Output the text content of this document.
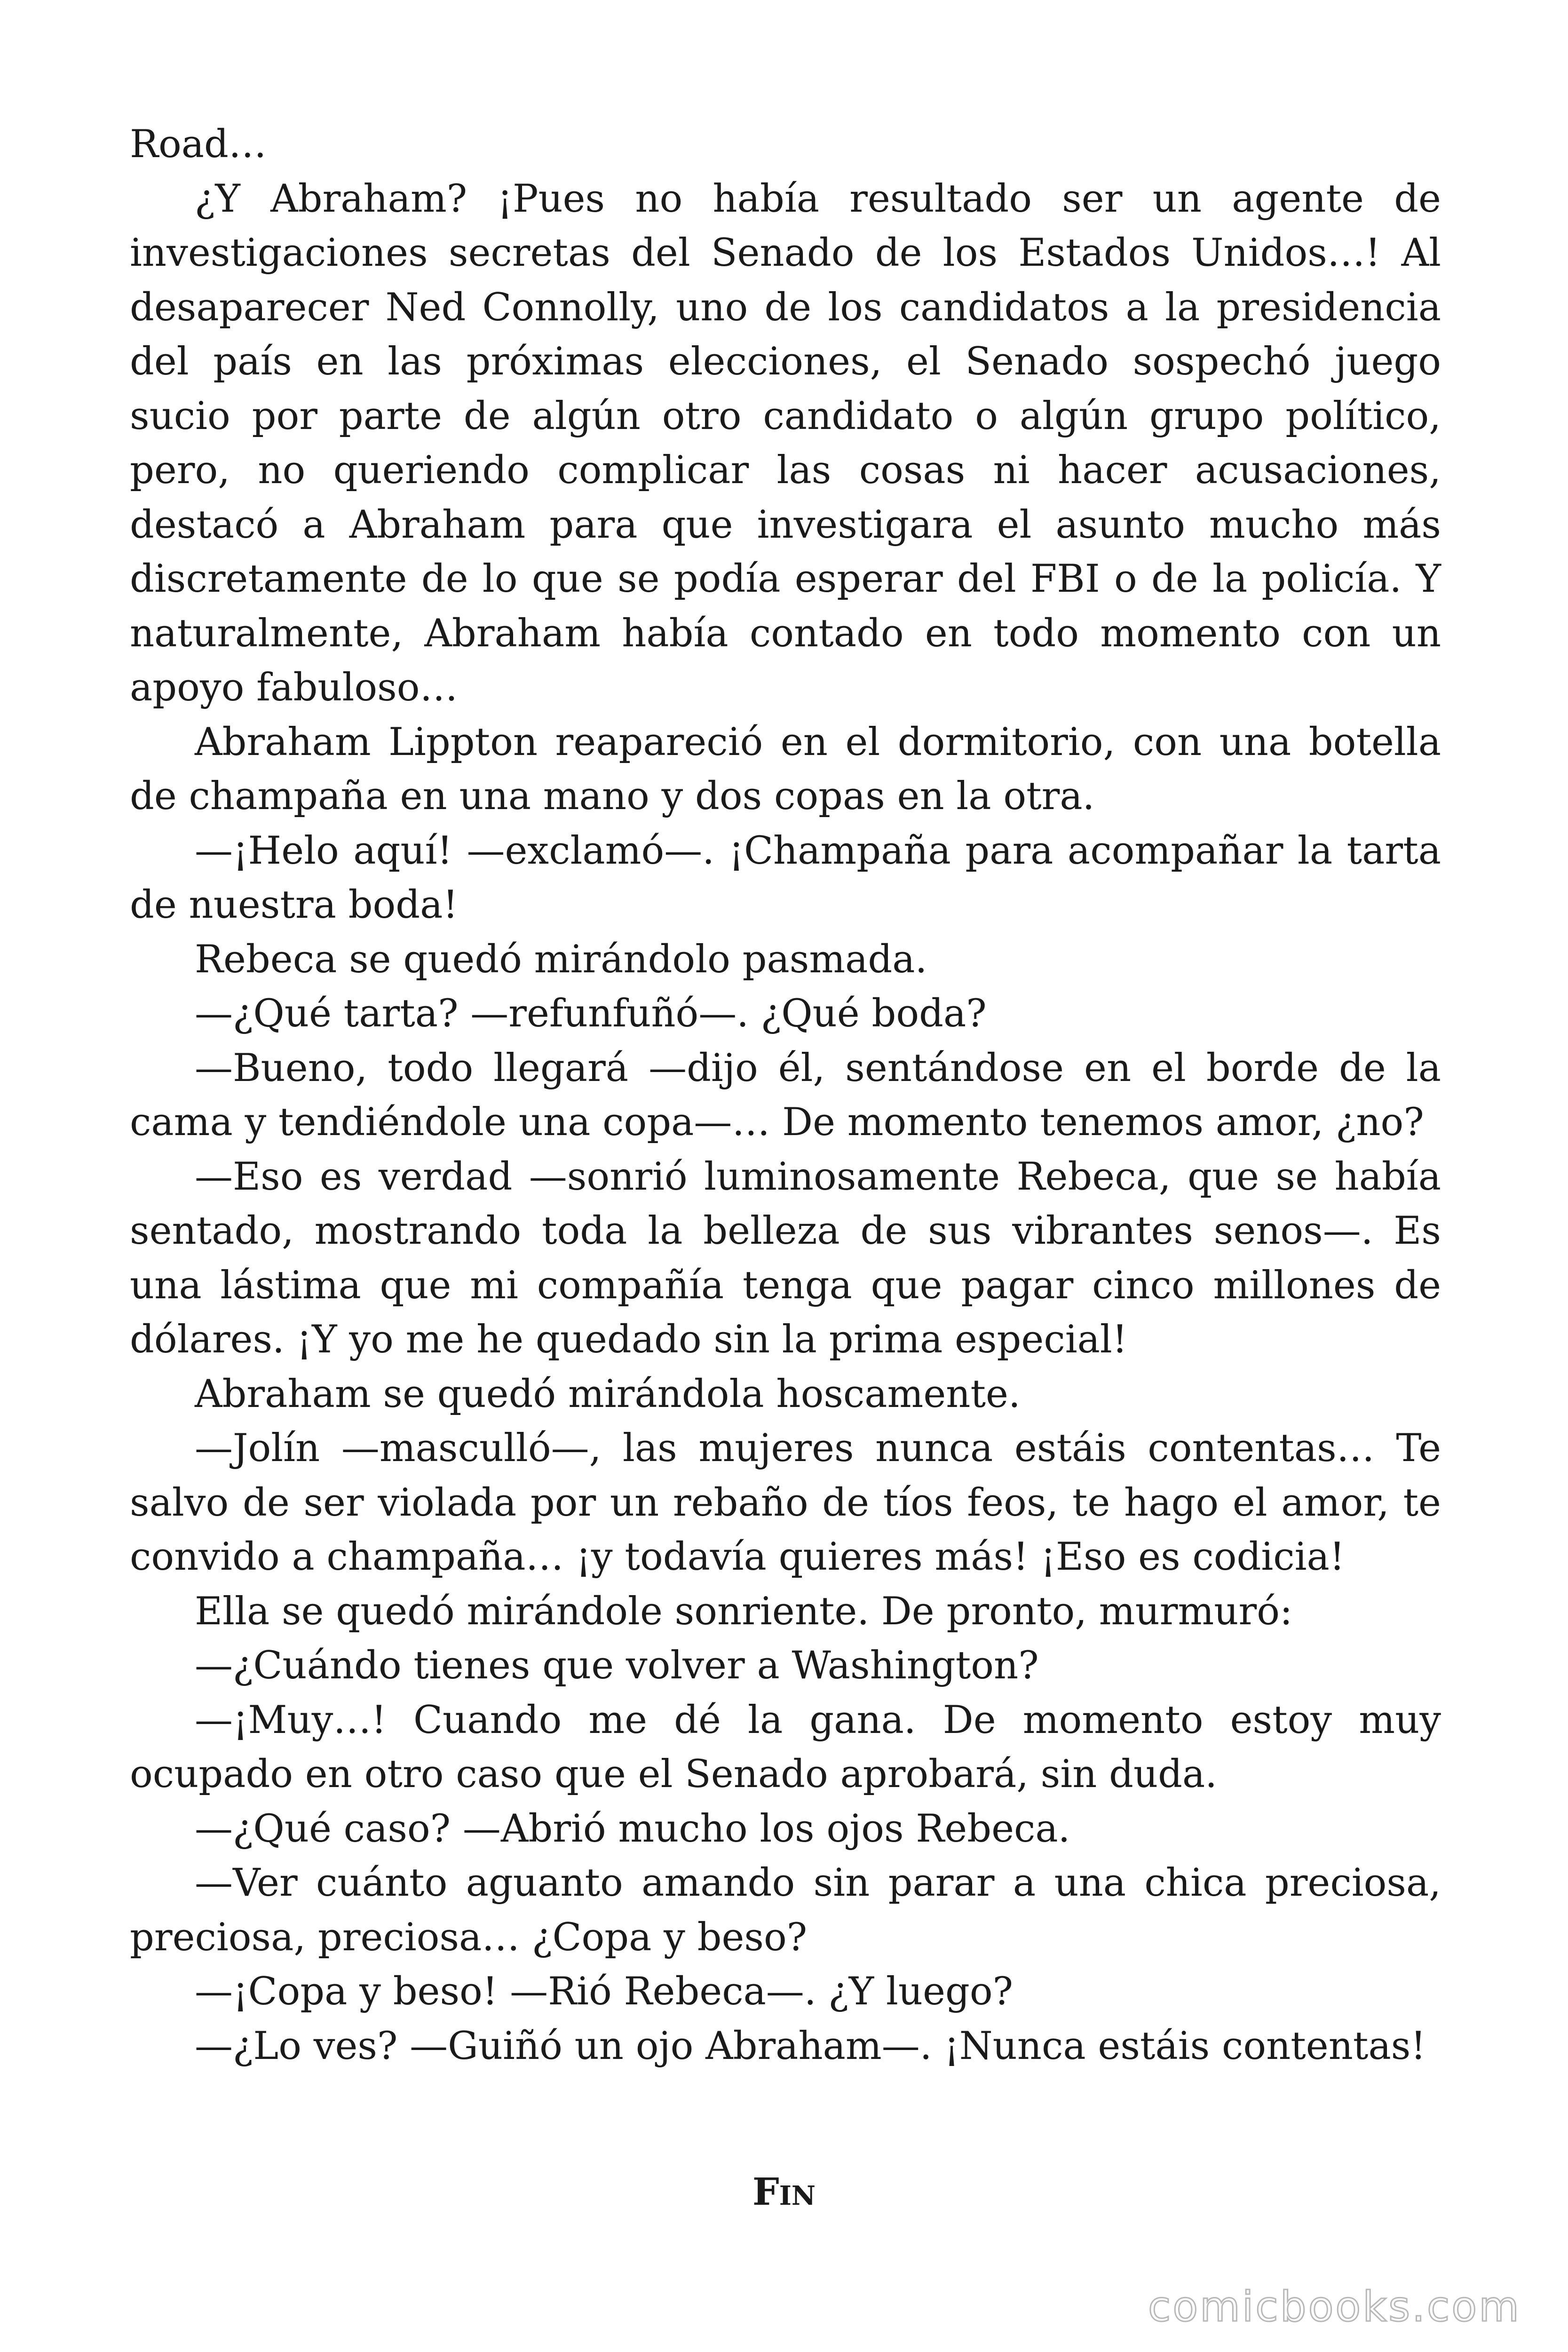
Road…

¿Y Abraham? ¡Pues no había resultado ser un agente de investigaciones secretas del Senado de los Estados Unidos…! Al desaparecer Ned Connolly, uno de los candidatos a la presidencia del país en las próximas elecciones, el Senado sospechó juego sucio por parte de algún otro candidato o algún grupo político, pero, no queriendo complicar las cosas ni hacer acusaciones, destacó a Abraham para que investigara el asunto mucho más discretamente de lo que se podía esperar del FBI o de la policía. Y naturalmente, Abraham había contado en todo momento con un apoyo fabuloso…

Abraham Lippton reapareció en el dormitorio, con una botella de champaña en una mano y dos copas en la otra.

—¡Helo aquí! —exclamó—. ¡Champaña para acompañar la tarta de nuestra boda!

Rebeca se quedó mirándolo pasmada.

—¿Qué tarta? —refunfuñó—. ¿Qué boda?

—Bueno, todo llegará —dijo él, sentándose en el borde de la cama y tendiéndole una copa—… De momento tenemos amor, ¿no?

—Eso es verdad —sonrió luminosamente Rebeca, que se había sentado, mostrando toda la belleza de sus vibrantes senos—. Es una lástima que mi compañía tenga que pagar cinco millones de dólares. ¡Y yo me he quedado sin la prima especial!

Abraham se quedó mirándola hoscamente.

—Jolín —masculló—, las mujeres nunca estáis contentas… Te salvo de ser violada por un rebaño de tíos feos, te hago el amor, te convido a champaña… ¡y todavía quieres más! ¡Eso es codicia!

Ella se quedó mirándole sonriente. De pronto, murmuró:

—¿Cuándo tienes que volver a Washington?

—¡Muy…! Cuando me dé la gana. De momento estoy muy ocupado en otro caso que el Senado aprobará, sin duda.

—¿Qué caso? —Abrió mucho los ojos Rebeca.

—Ver cuánto aguanto amando sin parar a una chica preciosa, preciosa, preciosa… ¿Copa y beso?

—¡Copa y beso! —Rió Rebeca—. ¿Y luego?

—¿Lo ves? —Guiñó un ojo Abraham—. ¡Nunca estáis contentas!

Fin
comicbooks.com
